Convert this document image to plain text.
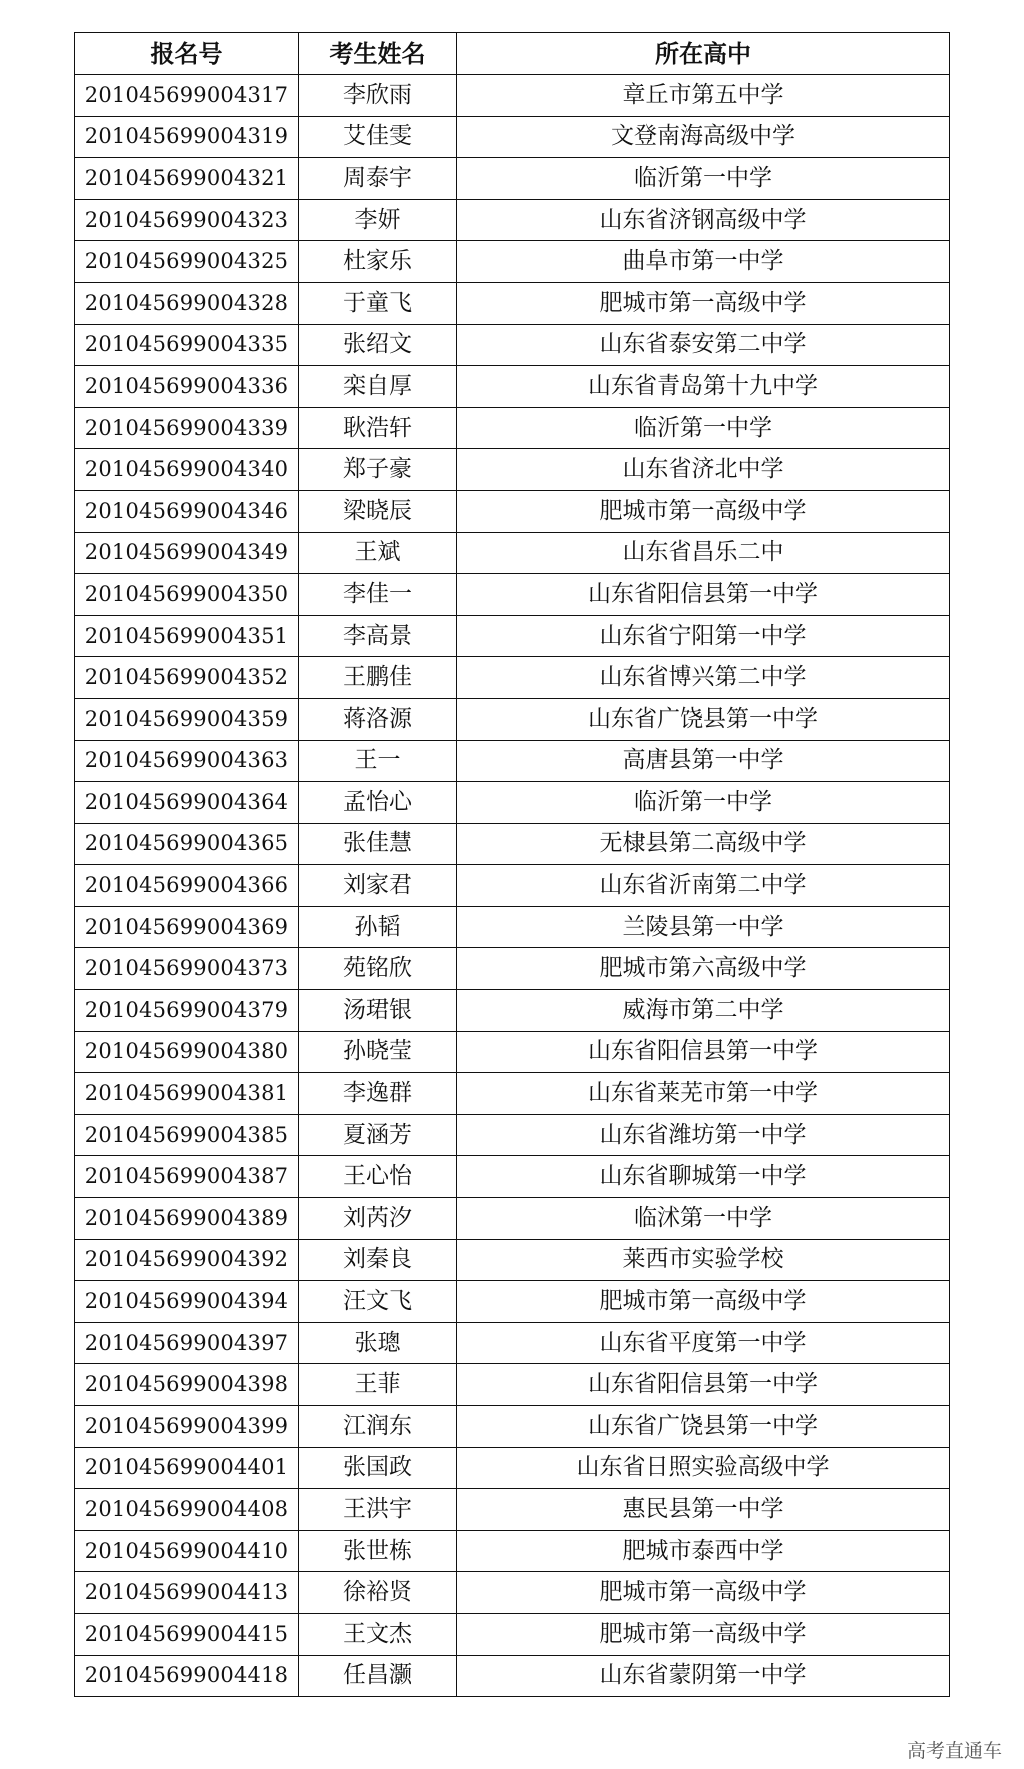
报名号	考生姓名	所在高中
201045699004317	李欣雨	章丘市第五中学
201045699004319	艾佳雯	文登南海高级中学
201045699004321	周泰宇	临沂第一中学
201045699004323	李妍	山东省济钢高级中学
201045699004325	杜家乐	曲阜市第一中学
201045699004328	于童飞	肥城市第一高级中学
201045699004335	张绍文	山东省泰安第二中学
201045699004336	栾自厚	山东省青岛第十九中学
201045699004339	耿浩轩	临沂第一中学
201045699004340	郑子豪	山东省济北中学
201045699004346	梁晓辰	肥城市第一高级中学
201045699004349	王斌	山东省昌乐二中
201045699004350	李佳一	山东省阳信县第一中学
201045699004351	李高景	山东省宁阳第一中学
201045699004352	王鹏佳	山东省博兴第二中学
201045699004359	蒋洛源	山东省广饶县第一中学
201045699004363	王一	高唐县第一中学
201045699004364	孟怡心	临沂第一中学
201045699004365	张佳慧	无棣县第二高级中学
201045699004366	刘家君	山东省沂南第二中学
201045699004369	孙韬	兰陵县第一中学
201045699004373	苑铭欣	肥城市第六高级中学
201045699004379	汤珺银	威海市第二中学
201045699004380	孙晓莹	山东省阳信县第一中学
201045699004381	李逸群	山东省莱芜市第一中学
201045699004385	夏涵芳	山东省潍坊第一中学
201045699004387	王心怡	山东省聊城第一中学
201045699004389	刘芮汐	临沭第一中学
201045699004392	刘秦良	莱西市实验学校
201045699004394	汪文飞	肥城市第一高级中学
201045699004397	张璁	山东省平度第一中学
201045699004398	王菲	山东省阳信县第一中学
201045699004399	江润东	山东省广饶县第一中学
201045699004401	张国政	山东省日照实验高级中学
201045699004408	王洪宇	惠民县第一中学
201045699004410	张世栋	肥城市泰西中学
201045699004413	徐裕贤	肥城市第一高级中学
201045699004415	王文杰	肥城市第一高级中学
201045699004418	任昌灏	山东省蒙阴第一中学
高考直通车
